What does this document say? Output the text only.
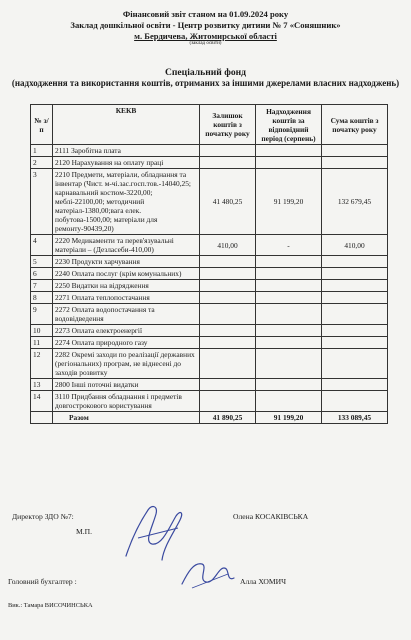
Фінансовий звіт станом на 01.09.2024 року
Заклад дошкільної освіти - Центр розвитку дитини № 7 «Соняшник»
м. Бердичева, Житомирської області
(заклад освіти)
Спеціальний фонд
(надходження та використання коштів, отриманих за іншими джерелами власних надходжень)
№ з/п	КЕКВ	Залишок коштів з початку року	Надходження коштів за відповідний період (серпень)	Сума коштів з початку року
1	2111 Заробітна плата			
2	2120 Нарахування на оплату праці			
3	2210 Предмети, матеріали, обладнання та інвентар (Чист. м-чі.зас.госп.тов.-14040,25; карнавальний костюм-3220,00; меблі-22100,00; методичний матеріал-1380,00;вага елек. побутова-1500,00; матеріали для ремонту-90439,20)	41 480,25	91 199,20	132 679,45
4	2220 Медикаменти та перев'язувальні матеріали – (Дезласеби-410,00)	410,00	-	410,00
5	2230 Продукти харчування			
6	2240 Оплата послуг (крім комунальних)			
7	2250 Видатки на відрядження			
8	2271 Оплата теплопостачання			
9	2272 Оплата водопостачання та водовідведення			
10	2273 Оплата електроенергії			
11	2274 Оплата природного газу			
12	2282 Окремі заходи по реалізації державних (регіональних) програм, не віднесені до заходів розвитку			
13	2800 Інші поточні видатки			
14	3110 Придбання обладнання і предметів довгострокового користування			
	Разом	41 890,25	91 199,20	133 089,45
Директор ЗДО №7:	Олена КОСАКІВСЬКА
М.П.
Головний бухгалтер :	Алла ХОМИЧ
Вик.: Тамара ВИСОЧИНСЬКА
